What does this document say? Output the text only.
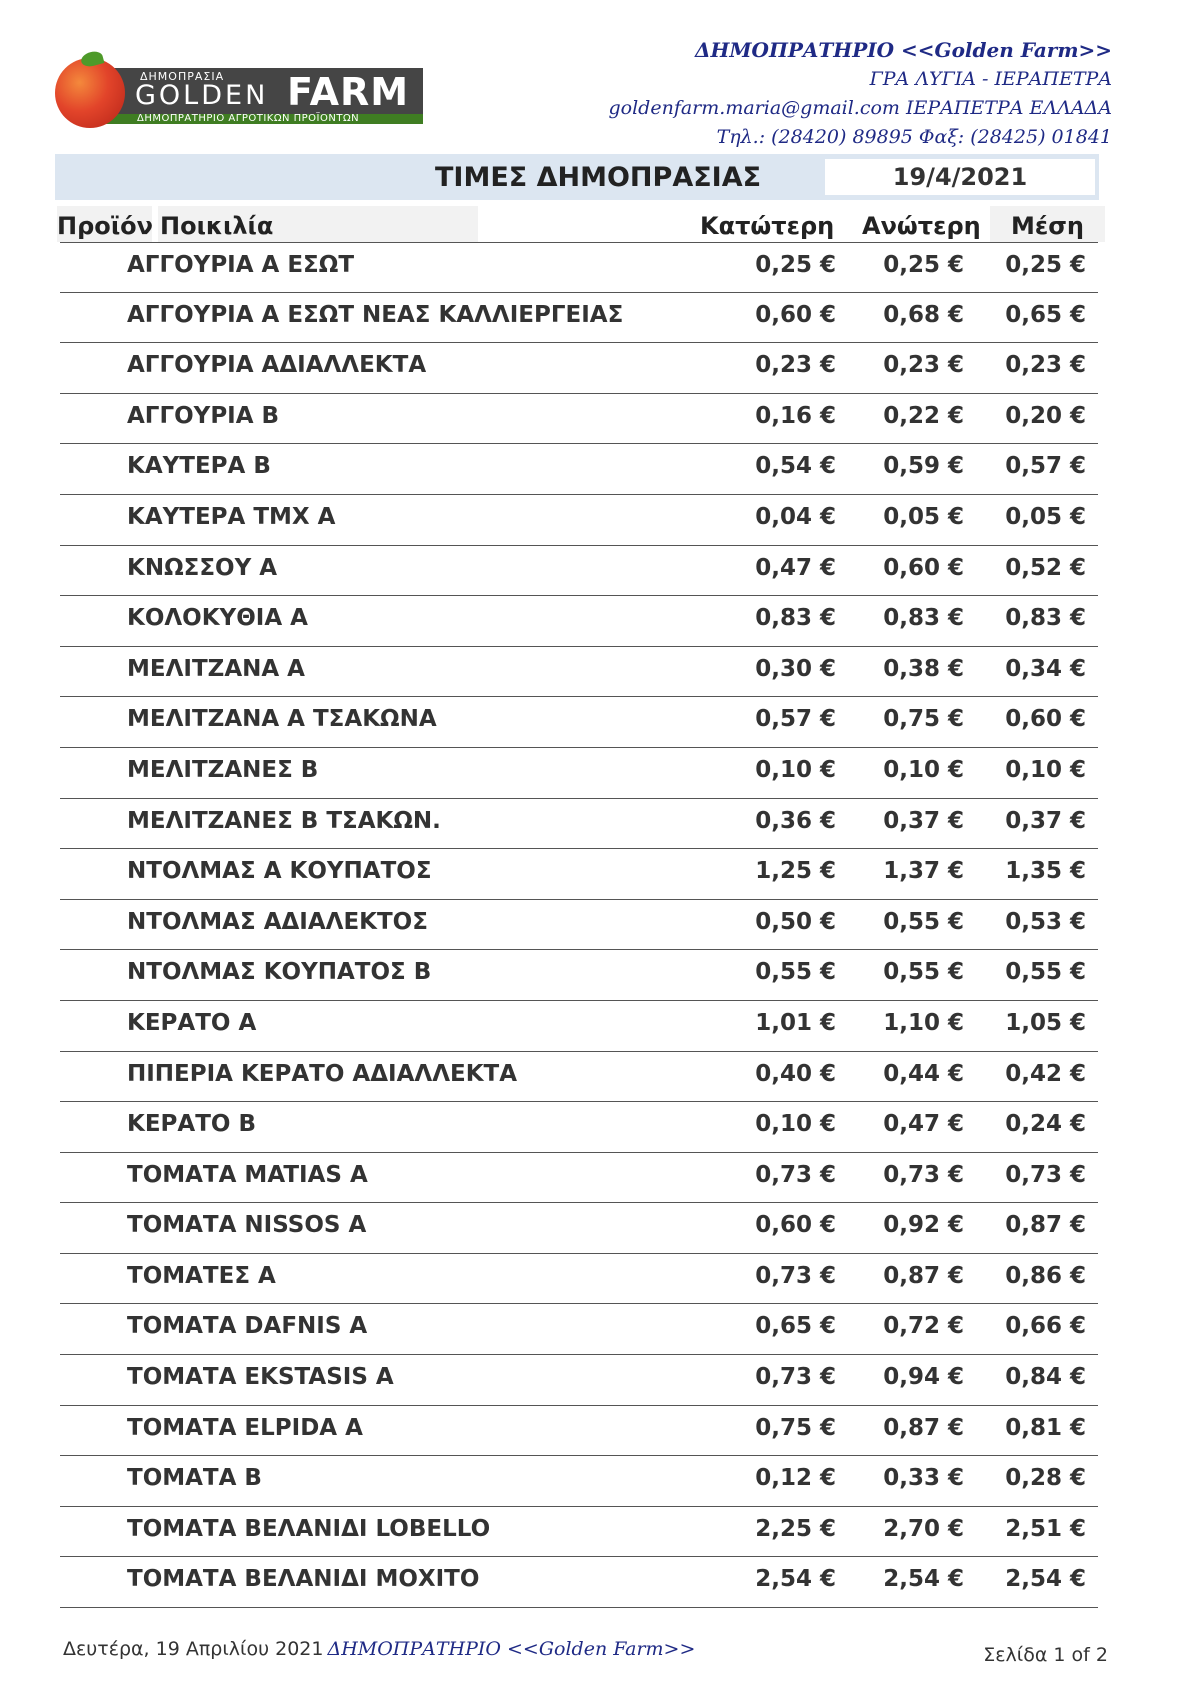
ΔΗΜΟΠΡΑΣΙΑ
GOLDEN FARM
ΔΗΜΟΠΡΑΤΗΡΙΟ ΑΓΡΟΤΙΚΩΝ ΠΡΟΪΟΝΤΩΝ
ΔΗΜΟΠΡΑΤΗΡΙΟ <<Golden Farm>>
ΓΡΑ ΛΥΓΙΑ - ΙΕΡΑΠΕΤΡΑ
goldenfarm.maria@gmail.com ΙΕΡΑΠΕΤΡΑ ΕΛΛΑΔΑ
Τηλ.: (28420) 89895 Φαξ: (28425) 01841
ΤΙΜΕΣ ΔΗΜΟΠΡΑΣΙΑΣ	19/4/2021
Προϊόν Ποικιλία	Κατώτερη Ανώτερη	Μέση
ΑΓΓΟΥΡΙΑ Α ΕΣΩΤ	0,25 € 0,25 € 0,25 €
ΑΓΓΟΥΡΙΑ Α ΕΣΩΤ ΝΕΑΣ ΚΑΛΛΙΕΡΓΕΙΑΣ	0,60 € 0,68 € 0,65 €
ΑΓΓΟΥΡΙΑ ΑΔΙΑΛΛΕΚΤΑ	0,23 € 0,23 € 0,23 €
ΑΓΓΟΥΡΙΑ Β	0,16 € 0,22 € 0,20 €
ΚΑΥΤΕΡΑ Β	0,54 € 0,59 € 0,57 €
ΚΑΥΤΕΡΑ ΤΜΧ Α	0,04 € 0,05 € 0,05 €
ΚΝΩΣΣΟΥ Α	0,47 € 0,60 € 0,52 €
ΚΟΛΟΚΥΘΙΑ Α	0,83 € 0,83 € 0,83 €
ΜΕΛΙΤΖΑΝΑ Α	0,30 € 0,38 € 0,34 €
ΜΕΛΙΤΖΑΝΑ Α ΤΣΑΚΩΝΑ	0,57 € 0,75 € 0,60 €
ΜΕΛΙΤΖΑΝΕΣ Β	0,10 € 0,10 € 0,10 €
ΜΕΛΙΤΖΑΝΕΣ Β ΤΣΑΚΩΝ.	0,36 € 0,37 € 0,37 €
ΝΤΟΛΜΑΣ Α ΚΟΥΠΑΤΟΣ	1,25 € 1,37 € 1,35 €
ΝΤΟΛΜΑΣ ΑΔΙΑΛΕΚΤΟΣ	0,50 € 0,55 € 0,53 €
ΝΤΟΛΜΑΣ ΚΟΥΠΑΤΟΣ Β	0,55 € 0,55 € 0,55 €
ΚΕΡΑΤΟ Α	1,01 € 1,10 € 1,05 €
ΠΙΠΕΡΙΑ ΚΕΡΑΤΟ ΑΔΙΑΛΛΕΚΤΑ	0,40 € 0,44 € 0,42 €
ΚΕΡΑΤΟ Β	0,10 € 0,47 € 0,24 €
ΤΟΜΑΤΑ MATIAS A	0,73 € 0,73 € 0,73 €
ΤΟΜΑΤΑ NISSOS A	0,60 € 0,92 € 0,87 €
ΤΟΜΑΤΕΣ Α	0,73 € 0,87 € 0,86 €
ΤΟΜΑΤΑ DAFNIS A	0,65 € 0,72 € 0,66 €
ΤΟΜΑΤΑ EKSTASIS A	0,73 € 0,94 € 0,84 €
ΤΟΜΑΤΑ ELPIDA A	0,75 € 0,87 € 0,81 €
ΤΟΜΑΤΑ Β	0,12 € 0,33 € 0,28 €
ΤΟΜΑΤΑ ΒΕΛΑΝΙΔΙ LOBELLO	2,25 € 2,70 € 2,51 €
ΤΟΜΑΤΑ ΒΕΛΑΝΙΔΙ ΜΟΧΙΤΟ	2,54 € 2,54 € 2,54 €
Δευτέρα, 19 Απριλίου 2021 ΔΗΜΟΠΡΑΤΗΡΙΟ <<Golden Farm>>	Σελίδα 1 of 2
